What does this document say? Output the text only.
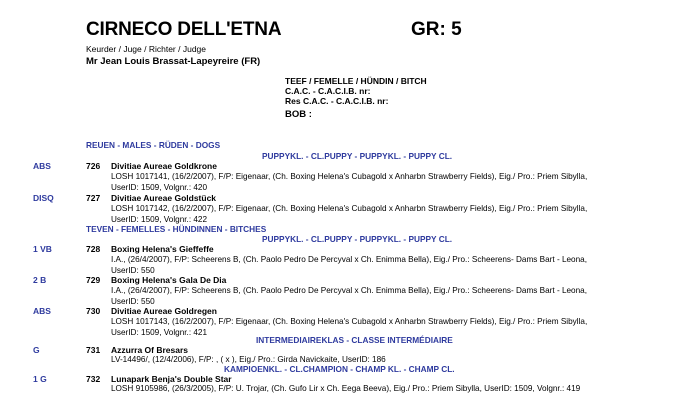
CIRNECO DELL'ETNA	GR: 5
Keurder / Juge / Richter / Judge
Mr Jean Louis Brassat-Lapeyreire (FR)
TEEF / FEMELLE / HÜNDIN / BITCH
C.A.C. - C.A.C.I.B. nr:
Res C.A.C. - C.A.C.I.B. nr:
BOB :
REUEN - MALES - RÜDEN - DOGS
PUPPYKL. - CL.PUPPY - PUPPYKL. - PUPPY CL.
ABS	726 Divitiae Aureae Goldkrone
LOSH 1017141, (16/2/2007), F/P: Eigenaar, (Ch. Boxing Helena's Cubagold x Anharbn Strawberry Fields), Eig./ Pro.: Priem Sibylla,
UserID: 1509, Volgnr.: 420
DISQ	727 Divitiae Aureae Goldstück
LOSH 1017142, (16/2/2007), F/P: Eigenaar, (Ch. Boxing Helena's Cubagold x Anharbn Strawberry Fields), Eig./ Pro.: Priem Sibylla,
UserID: 1509, Volgnr.: 422
TEVEN - FEMELLES - HÜNDINNEN - BITCHES
PUPPYKL. - CL.PUPPY - PUPPYKL. - PUPPY CL.
1 VB	728 Boxing Helena's Gieffeffe
I.A., (26/4/2007), F/P: Scheerens B, (Ch. Paolo Pedro De Percyval x Ch. Enimma Bella), Eig./ Pro.: Scheerens- Dams Bart - Leona,
UserID: 550
2 B	729 Boxing Helena's Gala De Dia
I.A., (26/4/2007), F/P: Scheerens B, (Ch. Paolo Pedro De Percyval x Ch. Enimma Bella), Eig./ Pro.: Scheerens- Dams Bart - Leona,
UserID: 550
ABS	730 Divitiae Aureae Goldregen
LOSH 1017143, (16/2/2007), F/P: Eigenaar, (Ch. Boxing Helena's Cubagold x Anharbn Strawberry Fields), Eig./ Pro.: Priem Sibylla,
UserID: 1509, Volgnr.: 421
INTERMEDIAIREKLAS - CLASSE INTERMÉDIAIRE
G	731 Azzurra Of Bresars
LV-14496/, (12/4/2006), F/P: , ( x ), Eig./ Pro.: Girda Navickaite, UserID: 186
KAMPIOENKL. - CL.CHAMPION - CHAMP KL. - CHAMP CL.
1 G	732 Lunapark Benja's Double Star
LOSH 9105986, (26/3/2005), F/P: U. Trojar, (Ch. Gufo Lir x Ch. Eega Beeva), Eig./ Pro.: Priem Sibylla, UserID: 1509, Volgnr.: 419
